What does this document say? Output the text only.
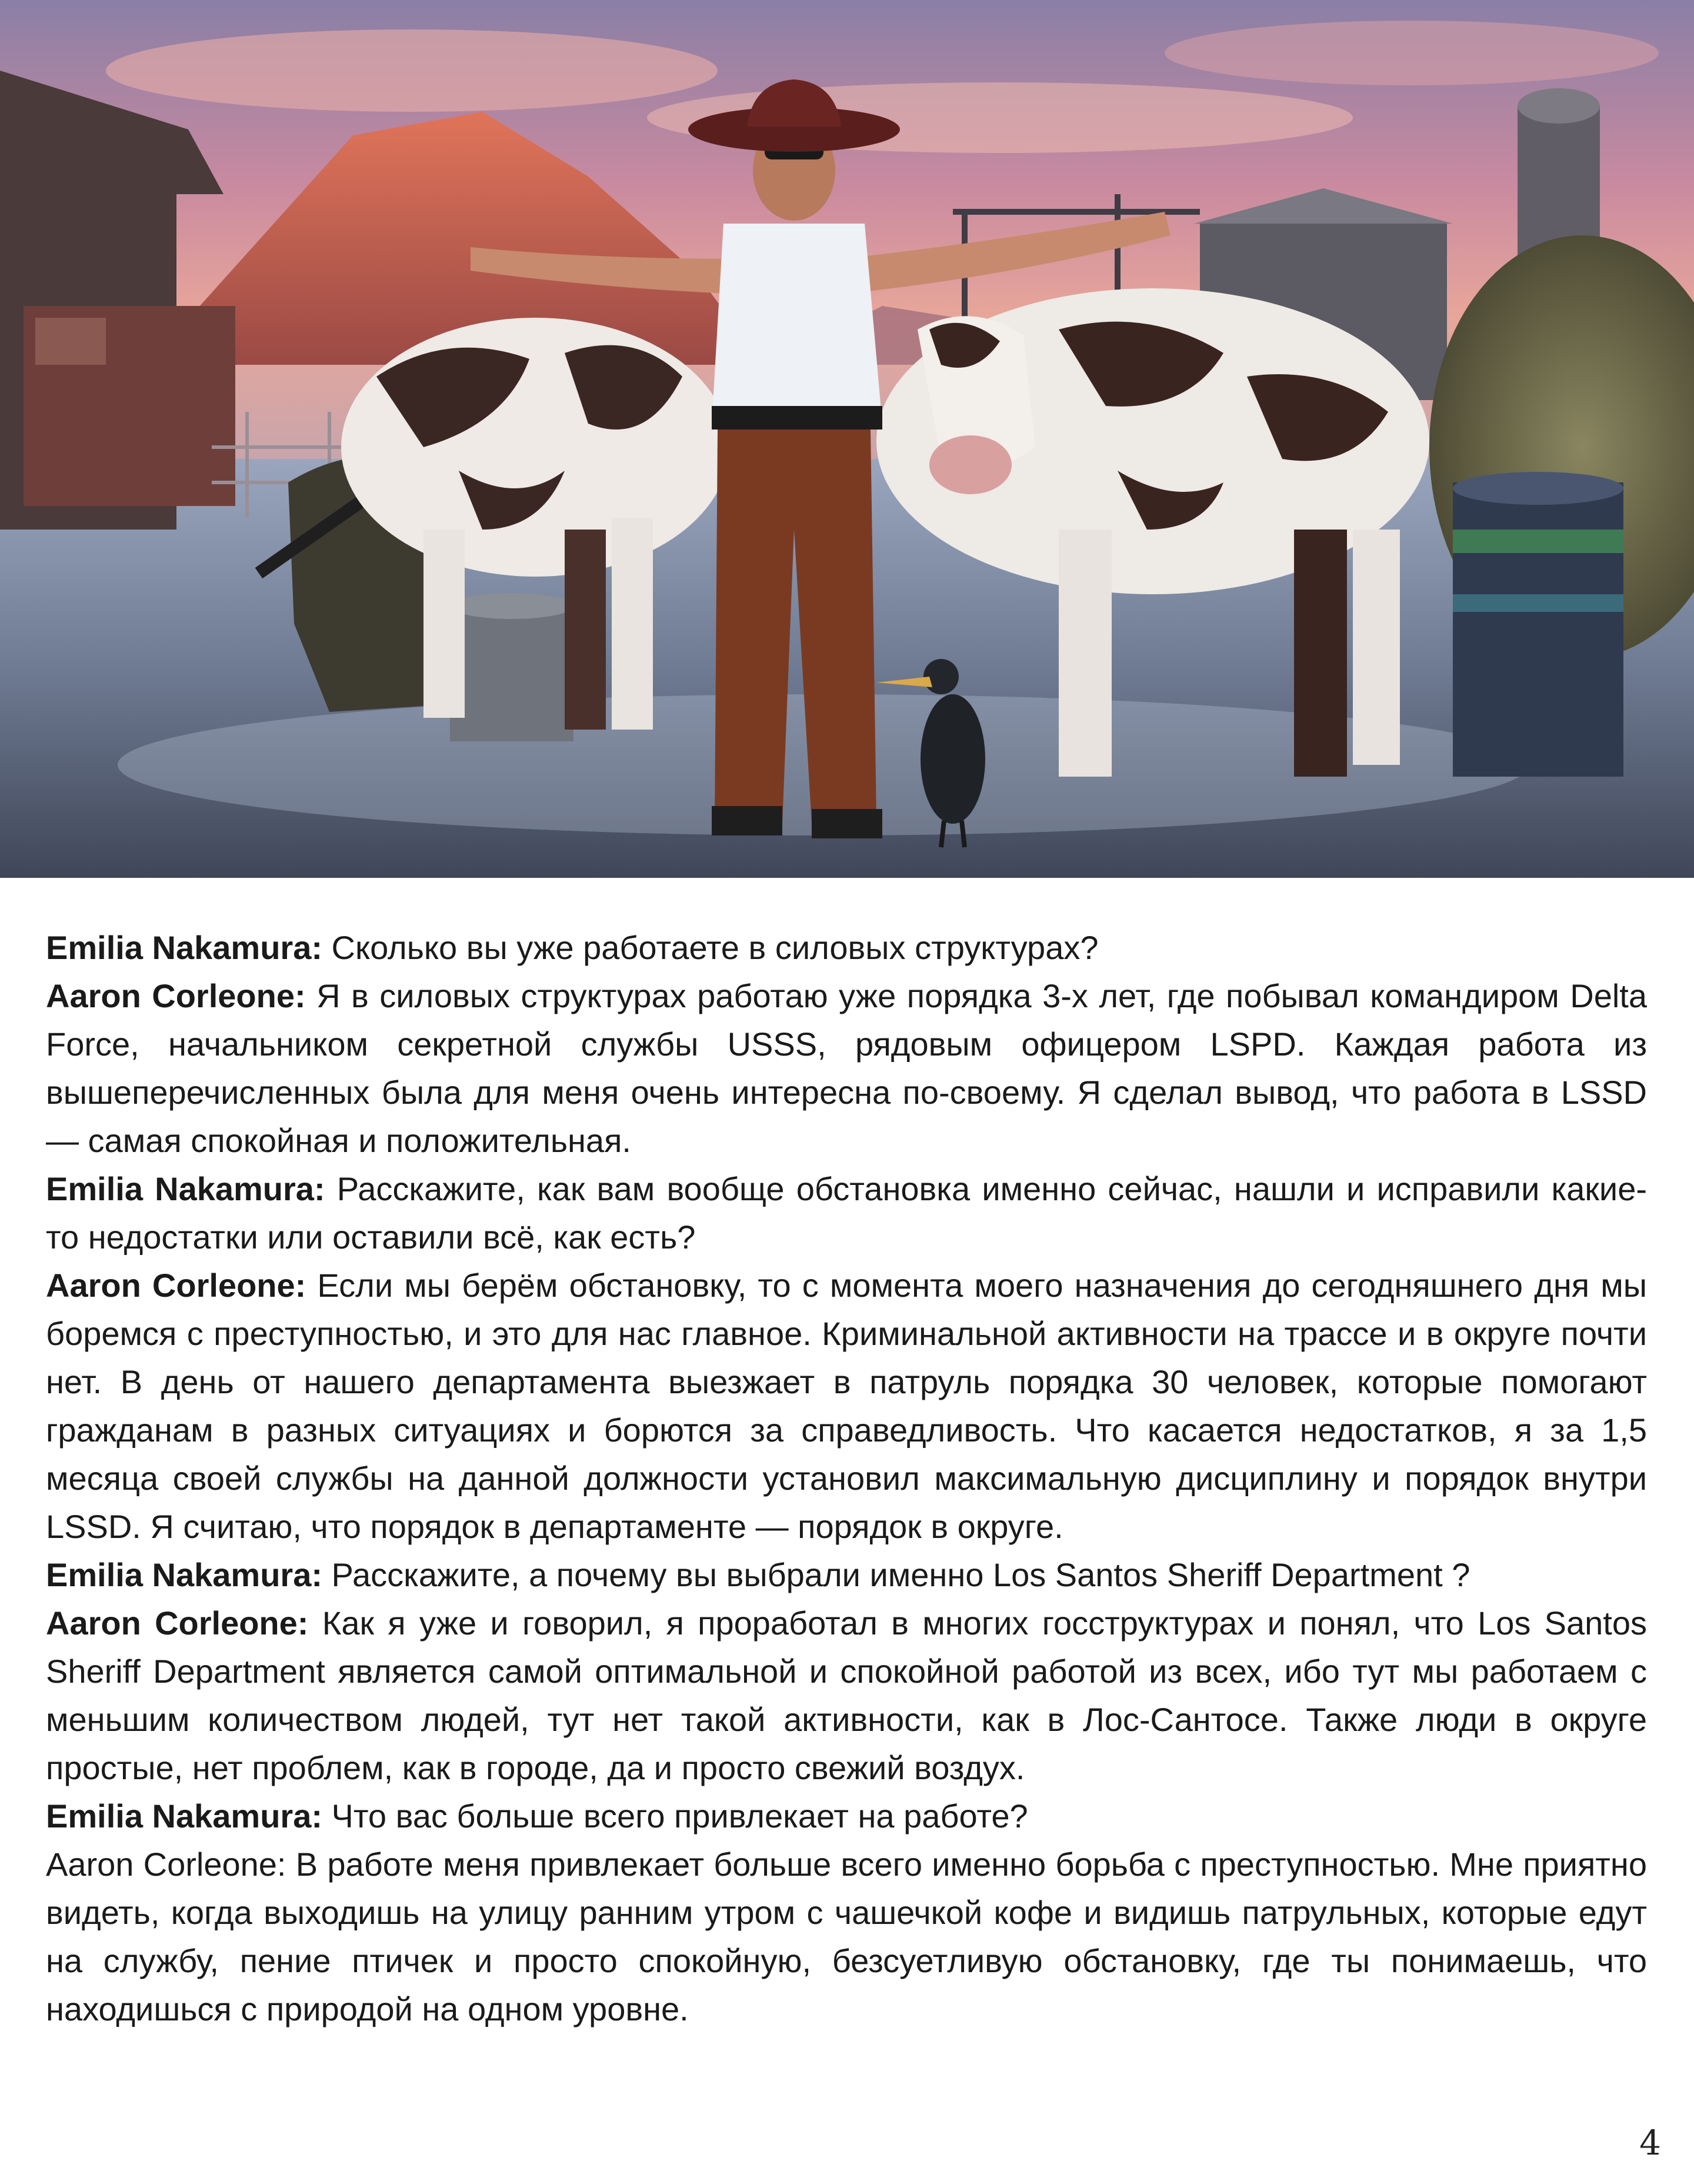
Emilia Nakamura: Сколько вы уже работаете в силовых структурах?

Aaron Corleone: Я в силовых структурах работаю уже порядка 3-х лет, где побывал командиром Delta Force, начальником секретной службы USSS, рядовым офицером LSPD. Каждая работа из вышеперечисленных была для меня очень интересна по-своему. Я сделал вывод, что работа в LSSD — самая спокойная и положительная.

Emilia Nakamura: Расскажите, как вам вообще обстановка именно сейчас, нашли и исправили какие-то недостатки или оставили всё, как есть?

Aaron Corleone: Если мы берём обстановку, то с момента моего назначения до сегодняшнего дня мы боремся с преступностью, и это для нас главное. Криминальной активности на трассе и в округе почти нет. В день от нашего департамента выезжает в патруль порядка 30 человек, которые помогают гражданам в разных ситуациях и борются за справедливость. Что касается недостатков, я за 1,5 месяца своей службы на данной должности установил максимальную дисциплину и порядок внутри LSSD. Я считаю, что порядок в департаменте — порядок в округе.

Emilia Nakamura: Расскажите, а почему вы выбрали именно Los Santos Sheriff Department ?

Aaron Corleone: Как я уже и говорил, я проработал в многих госструктурах и понял, что Los Santos Sheriff Department является самой оптимальной и спокойной работой из всех, ибо тут мы работаем с меньшим количеством людей, тут нет такой активности, как в Лос-Сантосе. Также люди в округе простые, нет проблем, как в городе, да и просто свежий воздух.

Emilia Nakamura: Что вас больше всего привлекает на работе?

Aaron Corleone: В работе меня привлекает больше всего именно борьба с преступностью. Мне приятно видеть, когда выходишь на улицу ранним утром с чашечкой кофе и видишь патрульных, которые едут на службу, пение птичек и просто спокойную, безсуетливую обстановку, где ты понимаешь, что находишься с природой на одном уровне.

4
